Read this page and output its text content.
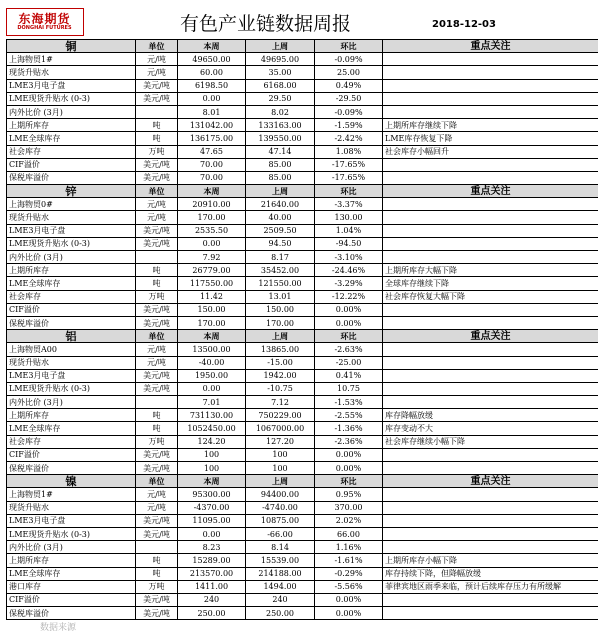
东海期货
DONGHAI FUTURES	有色产业链数据周报	2018-12-03
铜	单位	本周	上周	环比	重点关注
上海物贸1#	元/吨	49650.00	49695.00	-0.09%	
现货升贴水	元/吨	60.00	35.00	25.00	
LME3月电子盘	美元/吨	6198.50	6168.00	0.49%	
LME现货升贴水 (0-3)	美元/吨	0.00	29.50	-29.50	
内外比价 (3月)		8.01	8.02	-0.09%	
上期所库存	吨	131042.00	133163.00	-1.59%	上期所库存继续下降
LME全球库存	吨	136175.00	139550.00	-2.42%	LME库存恢复下降
社会库存	万吨	47.65	47.14	1.08%	社会库存小幅回升
CIF溢价	美元/吨	70.00	85.00	-17.65%	
保税库溢价	美元/吨	70.00	85.00	-17.65%	
锌	单位	本周	上周	环比	重点关注
上海物贸0#	元/吨	20910.00	21640.00	-3.37%	
现货升贴水	元/吨	170.00	40.00	130.00	
LME3月电子盘	美元/吨	2535.50	2509.50	1.04%	
LME现货升贴水 (0-3)	美元/吨	0.00	94.50	-94.50	
内外比价 (3月)		7.92	8.17	-3.10%	
上期所库存	吨	26779.00	35452.00	-24.46%	上期所库存大幅下降
LME全球库存	吨	117550.00	121550.00	-3.29%	全球库存继续下降
社会库存	万吨	11.42	13.01	-12.22%	社会库存恢复大幅下降
CIF溢价	美元/吨	150.00	150.00	0.00%	
保税库溢价	美元/吨	170.00	170.00	0.00%	
铝	单位	本周	上周	环比	重点关注
上海物贸A00	元/吨	13500.00	13865.00	-2.63%	
现货升贴水	元/吨	-40.00	-15.00	-25.00	
LME3月电子盘	美元/吨	1950.00	1942.00	0.41%	
LME现货升贴水 (0-3)	美元/吨	0.00	-10.75	10.75	
内外比价 (3月)		7.01	7.12	-1.53%	
上期所库存	吨	731130.00	750229.00	-2.55%	库存降幅放缓
LME全球库存	吨	1052450.00	1067000.00	-1.36%	库存变动不大
社会库存	万吨	124.20	127.20	-2.36%	社会库存继续小幅下降
CIF溢价	美元/吨	100	100	0.00%	
保税库溢价	美元/吨	100	100	0.00%	
镍	单位	本周	上周	环比	重点关注
上海物贸1#	元/吨	95300.00	94400.00	0.95%	
现货升贴水	元/吨	-4370.00	-4740.00	370.00	
LME3月电子盘	美元/吨	11095.00	10875.00	2.02%	
LME现货升贴水 (0-3)	美元/吨	0.00	-66.00	66.00	
内外比价 (3月)		8.23	8.14	1.16%	
上期所库存	吨	15289.00	15539.00	-1.61%	上期所库存小幅下降
LME全球库存	吨	213570.00	214188.00	-0.29%	库存持续下降，但降幅放缓
港口库存	万吨	1411.00	1494.00	-5.56%	菲律宾地区雨季来临，预计后续库存压力有所缓解
CIF溢价	美元/吨	240	240	0.00%	
保税库溢价	美元/吨	250.00	250.00	0.00%	
数据来源
